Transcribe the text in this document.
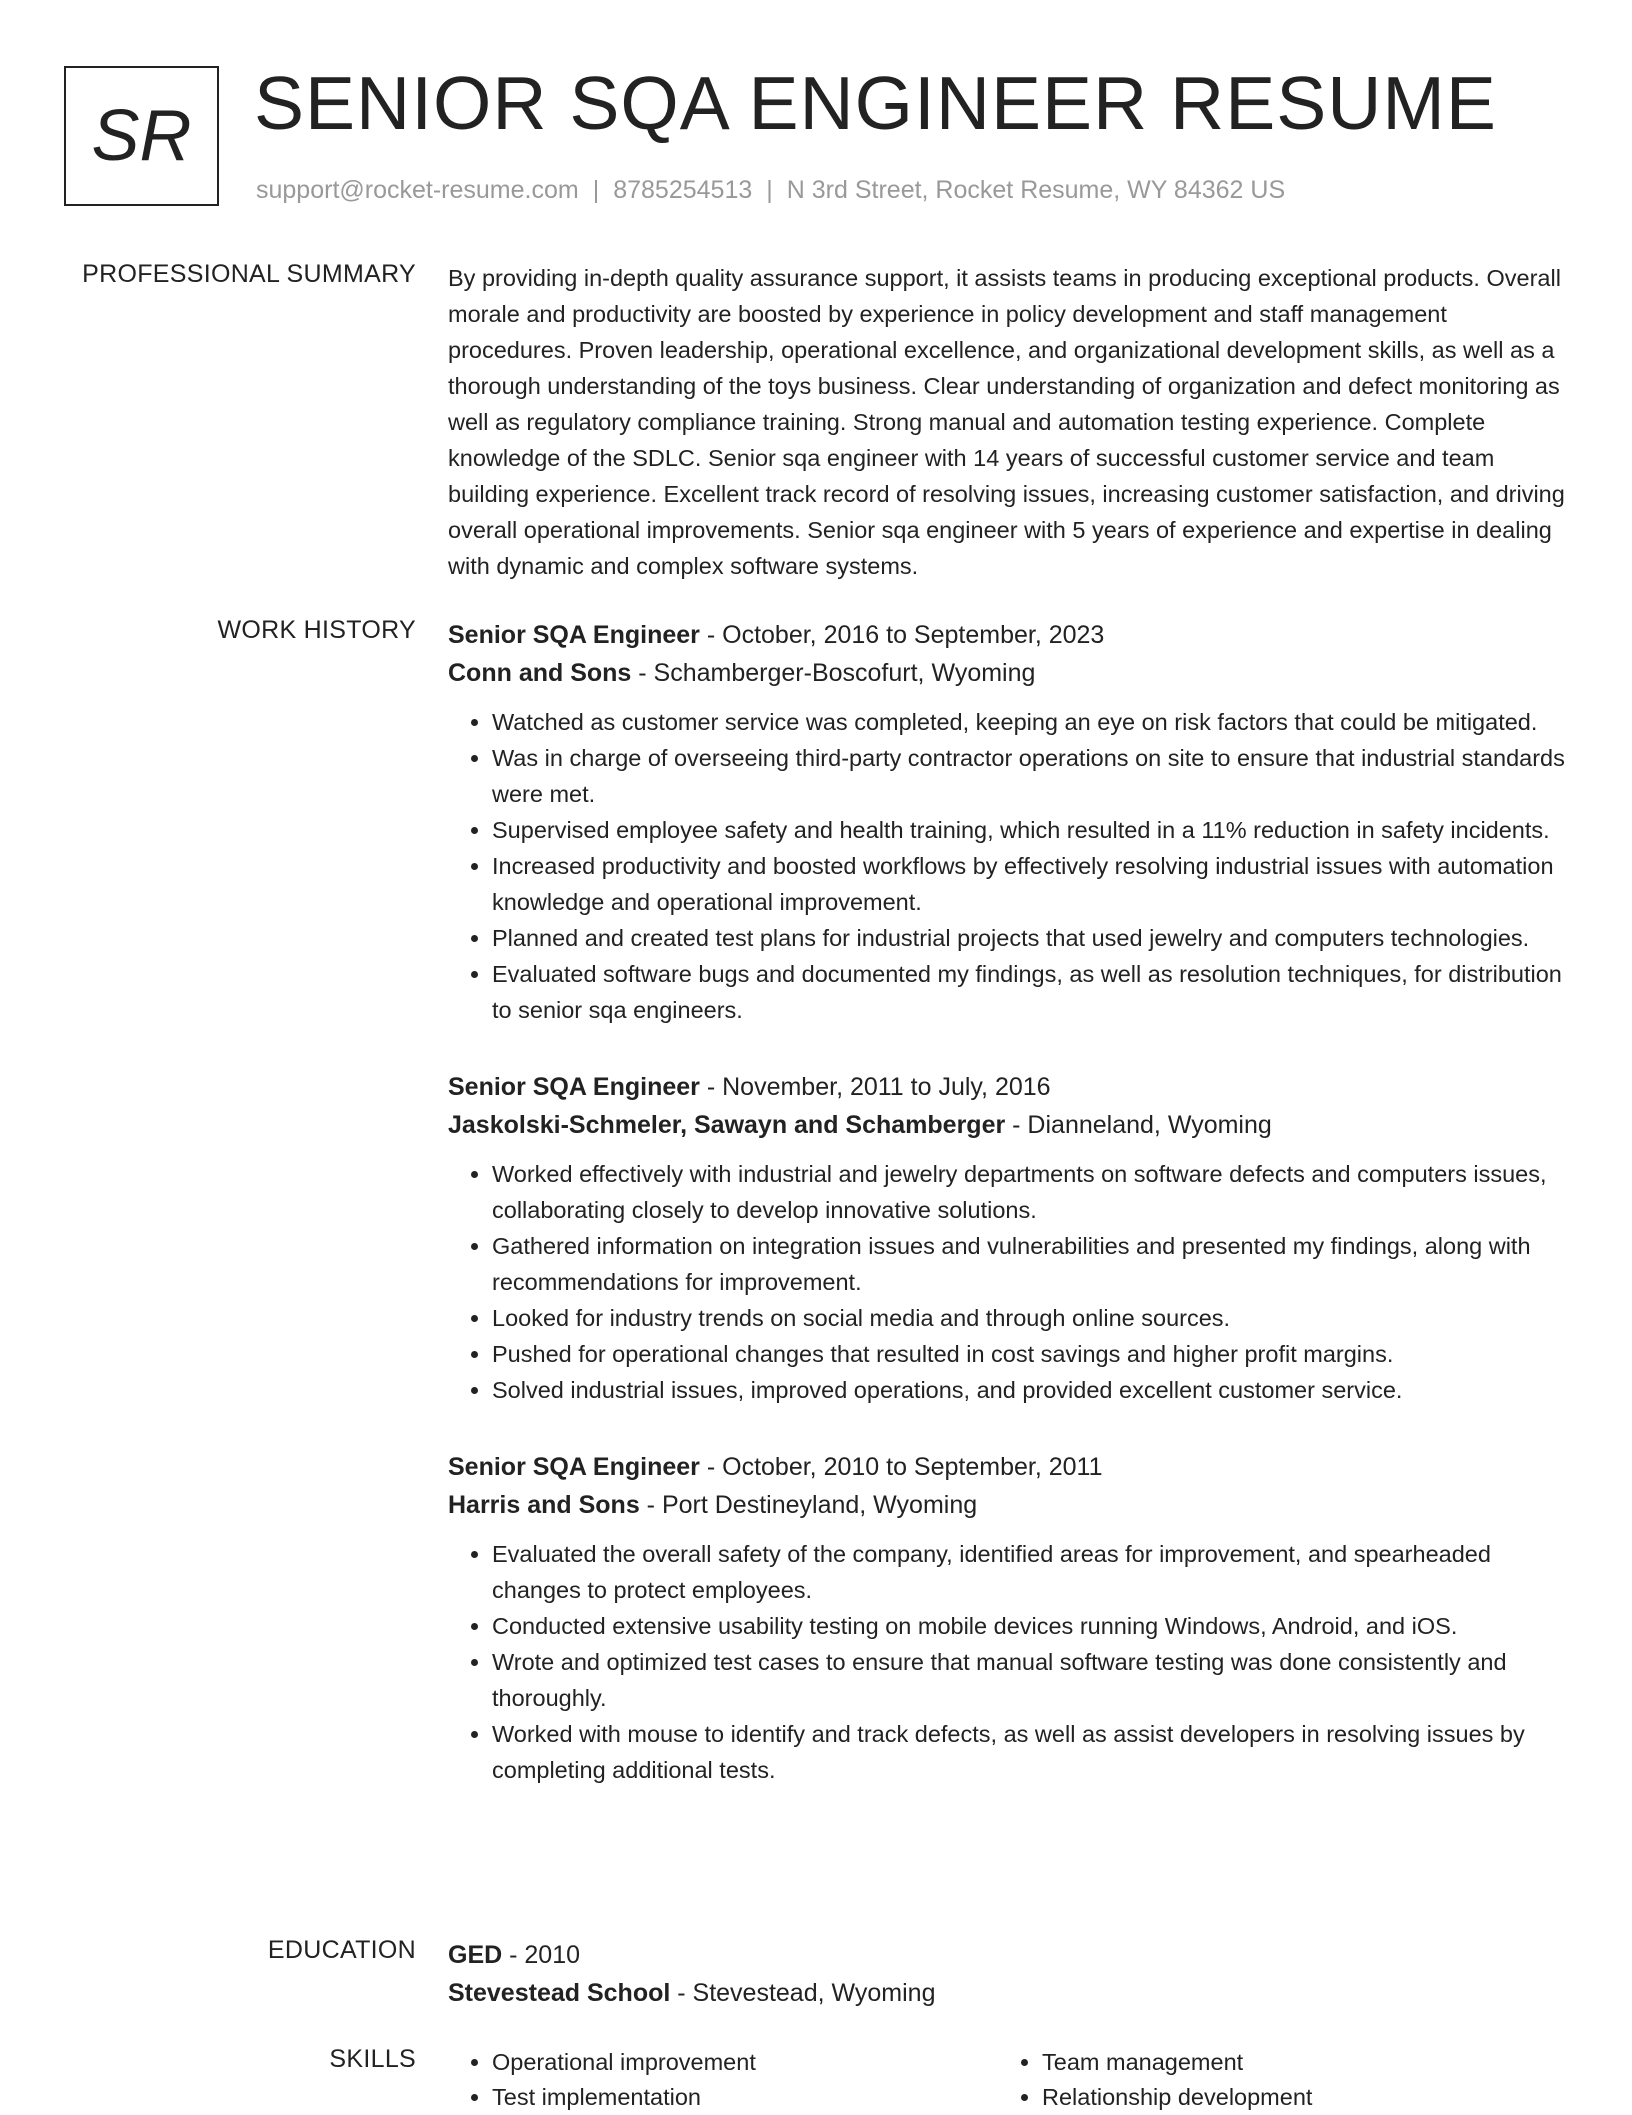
SR SENIOR SQA ENGINEER RESUME
support@rocket-resume.com | 8785254513 | N 3rd Street, Rocket Resume, WY 84362 US
PROFESSIONAL SUMMARY By providing in-depth quality assurance support, it assists teams in producing exceptional products. Overall morale and productivity are boosted by experience in policy development and staff management procedures. Proven leadership, operational excellence, and organizational development skills, as well as a thorough understanding of the toys business. Clear understanding of organization and defect monitoring as well as regulatory compliance training. Strong manual and automation testing experience. Complete knowledge of the SDLC. Senior sqa engineer with 14 years of successful customer service and team building experience. Excellent track record of resolving issues, increasing customer satisfaction, and driving overall operational improvements. Senior sqa engineer with 5 years of experience and expertise in dealing with dynamic and complex software systems.

WORK HISTORY Senior SQA Engineer - October, 2016 to September, 2023
Conn and Sons - Schamberger-Boscofurt, Wyoming
• Watched as customer service was completed, keeping an eye on risk factors that could be mitigated.
• Was in charge of overseeing third-party contractor operations on site to ensure that industrial standards were met.
• Supervised employee safety and health training, which resulted in a 11% reduction in safety incidents.
• Increased productivity and boosted workflows by effectively resolving industrial issues with automation knowledge and operational improvement.
• Planned and created test plans for industrial projects that used jewelry and computers technologies.
• Evaluated software bugs and documented my findings, as well as resolution techniques, for distribution to senior sqa engineers.
Senior SQA Engineer - November, 2011 to July, 2016
Jaskolski-Schmeler, Sawayn and Schamberger - Dianneland, Wyoming
• Worked effectively with industrial and jewelry departments on software defects and computers issues, collaborating closely to develop innovative solutions.
• Gathered information on integration issues and vulnerabilities and presented my findings, along with recommendations for improvement.
• Looked for industry trends on social media and through online sources.
• Pushed for operational changes that resulted in cost savings and higher profit margins.
• Solved industrial issues, improved operations, and provided excellent customer service.
Senior SQA Engineer - October, 2010 to September, 2011
Harris and Sons - Port Destineyland, Wyoming
• Evaluated the overall safety of the company, identified areas for improvement, and spearheaded changes to protect employees.
• Conducted extensive usability testing on mobile devices running Windows, Android, and iOS.
• Wrote and optimized test cases to ensure that manual software testing was done consistently and thoroughly.
• Worked with mouse to identify and track defects, as well as assist developers in resolving issues by completing additional tests.
EDUCATION GED - 2010
Stevestead School - Stevestead, Wyoming
SKILLS
•	Operational improvement
• Test implementation
• Team management
• Relationship development
